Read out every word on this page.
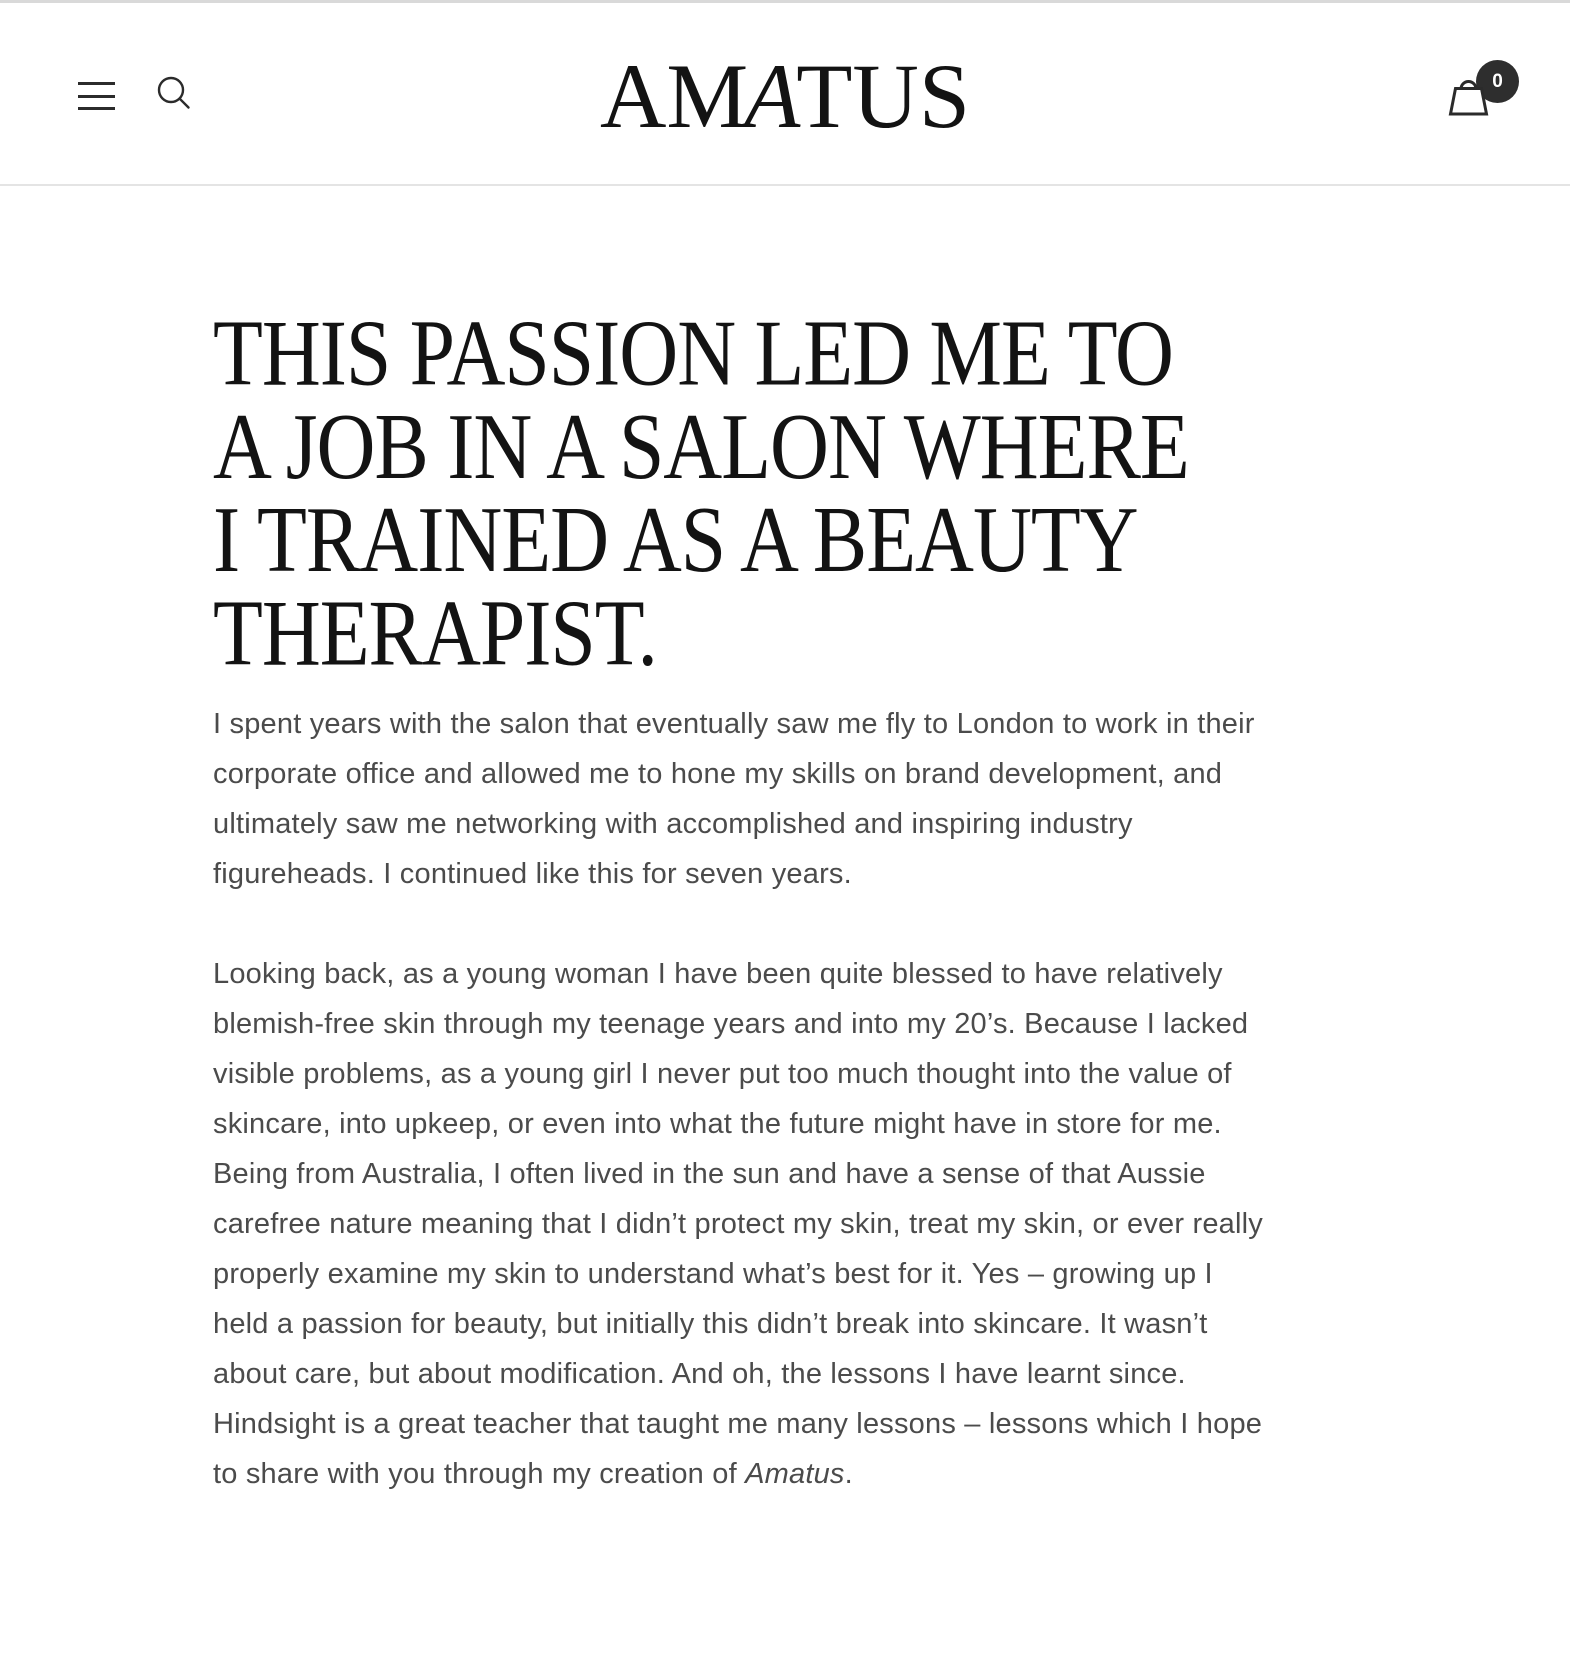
AMATUS	0
THIS PASSION LED ME TO
A JOB IN A SALON WHERE
I TRAINED AS A BEAUTY
THERAPIST.

I spent years with the salon that eventually saw me fly to London to work in their corporate office and allowed me to hone my skills on brand development, and ultimately saw me networking with accomplished and inspiring industry figureheads. I continued like this for seven years.

Looking back, as a young woman I have been quite blessed to have relatively blemish-free skin through my teenage years and into my 20’s. Because I lacked visible problems, as a young girl I never put too much thought into the value of skincare, into upkeep, or even into what the future might have in store for me. Being from Australia, I often lived in the sun and have a sense of that Aussie carefree nature meaning that I didn’t protect my skin, treat my skin, or ever really properly examine my skin to understand what’s best for it. Yes – growing up I held a passion for beauty, but initially this didn’t break into skincare. It wasn’t about care, but about modification. And oh, the lessons I have learnt since. Hindsight is a great teacher that taught me many lessons – lessons which I hope to share with you through my creation of Amatus.
